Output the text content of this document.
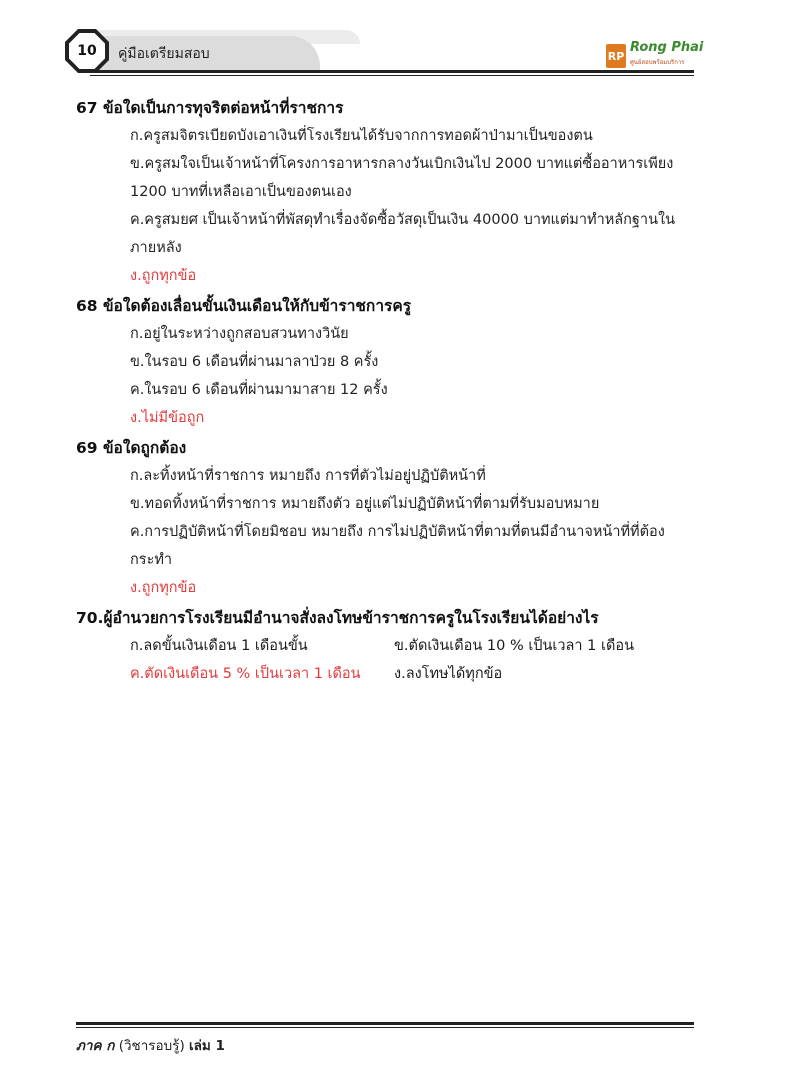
10	คู่มือเตรียมสอบ	RP
Rong Phai
ศูนย์สอบพร้อมบริการ
67 ข้อใดเป็นการทุจริตต่อหน้าที่ราชการ
ก.ครูสมจิตรเบียดบังเอาเงินที่โรงเรียนได้รับจากการทอดผ้าป่ามาเป็นของตน
ข.ครูสมใจเป็นเจ้าหน้าที่โครงการอาหารกลางวันเบิกเงินไป 2000 บาทแต่ซื้ออาหารเพียง
1200 บาทที่เหลือเอาเป็นของตนเอง
ค.ครูสมยศ เป็นเจ้าหน้าที่พัสดุทำเรื่องจัดซื้อวัสดุเป็นเงิน 40000 บาทแต่มาทำหลักฐานใน
ภายหลัง
ง.ถูกทุกข้อ
68 ข้อใดต้องเลื่อนขั้นเงินเดือนให้กับข้าราชการครู
ก.อยู่ในระหว่างถูกสอบสวนทางวินัย
ข.ในรอบ 6 เดือนที่ผ่านมาลาป่วย 8 ครั้ง
ค.ในรอบ 6 เดือนที่ผ่านมามาสาย 12 ครั้ง
ง.ไม่มีข้อถูก
69 ข้อใดถูกต้อง
ก.ละทิ้งหน้าที่ราชการ หมายถึง การที่ตัวไม่อยู่ปฏิบัติหน้าที่
ข.ทอดทิ้งหน้าที่ราชการ หมายถึงตัว อยู่แต่ไม่ปฏิบัติหน้าที่ตามที่รับมอบหมาย
ค.การปฏิบัติหน้าที่โดยมิชอบ หมายถึง การไม่ปฏิบัติหน้าที่ตามที่ตนมีอำนาจหน้าที่ที่ต้อง
กระทำ
ง.ถูกทุกข้อ
70.ผู้อำนวยการโรงเรียนมีอำนาจสั่งลงโทษข้าราชการครูในโรงเรียนได้อย่างไร
ก.ลดขั้นเงินเดือน 1 เดือนขั้น	ข.ตัดเงินเดือน 10 % เป็นเวลา 1 เดือน
ค.ตัดเงินเดือน 5 % เป็นเวลา 1 เดือน	ง.ลงโทษได้ทุกข้อ
ภาค ก (วิชารอบรู้) เล่ม 1
